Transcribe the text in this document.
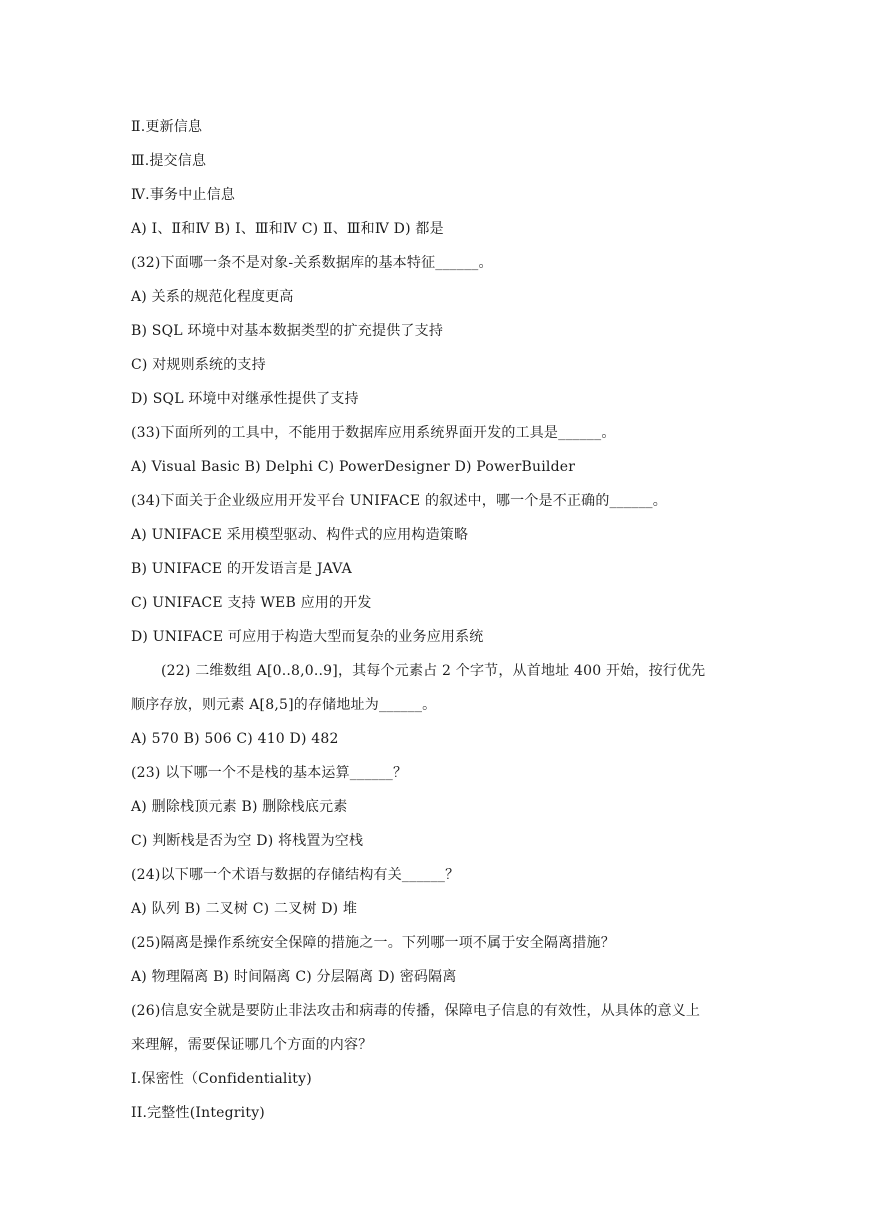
Ⅱ.更新信息
Ⅲ.提交信息
Ⅳ.事务中止信息
A) Ⅰ、Ⅱ和Ⅳ B) Ⅰ、Ⅲ和Ⅳ C) Ⅱ、Ⅲ和Ⅳ D) 都是
(32)下面哪一条不是对象-关系数据库的基本特征______。
A) 关系的规范化程度更高
B) SQL 环境中对基本数据类型的扩充提供了支持
C) 对规则系统的支持
D) SQL 环境中对继承性提供了支持
(33)下面所列的工具中，不能用于数据库应用系统界面开发的工具是______。
A) Visual Basic B) Delphi C) PowerDesigner D) PowerBuilder
(34)下面关于企业级应用开发平台 UNIFACE 的叙述中，哪一个是不正确的______。
A) UNIFACE 采用模型驱动、构件式的应用构造策略
B) UNIFACE 的开发语言是 JAVA
C) UNIFACE 支持 WEB 应用的开发
D) UNIFACE 可应用于构造大型而复杂的业务应用系统
(22) 二维数组 A[0..8,0..9]，其每个元素占 2 个字节，从首地址 400 开始，按行优先
顺序存放，则元素 A[8,5]的存储地址为______。
A) 570 B) 506 C) 410 D) 482
(23) 以下哪一个不是栈的基本运算______？
A) 删除栈顶元素 B) 删除栈底元素
C) 判断栈是否为空 D) 将栈置为空栈
(24)以下哪一个术语与数据的存储结构有关______？
A) 队列 B) 二叉树 C) 二叉树 D) 堆
(25)隔离是操作系统安全保障的措施之一。下列哪一项不属于安全隔离措施？
A) 物理隔离 B) 时间隔离 C) 分层隔离 D) 密码隔离
(26)信息安全就是要防止非法攻击和病毒的传播，保障电子信息的有效性，从具体的意义上
来理解，需要保证哪几个方面的内容？
I.保密性（Confidentiality)
II.完整性(Integrity)
